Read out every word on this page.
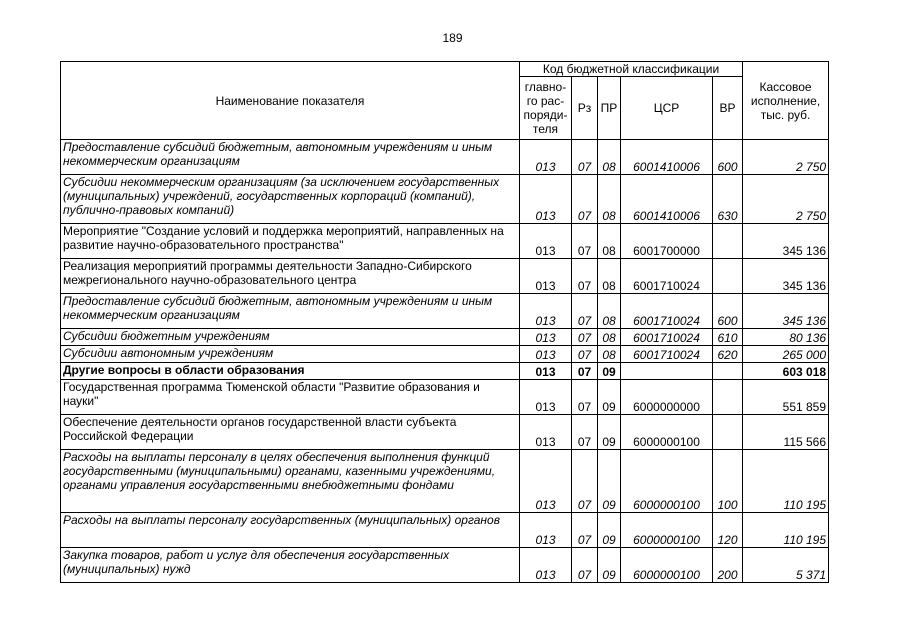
189
Наименование показателя	Код бюджетной классификации					Кассовое исполнение, тыс. руб.
	главно-го рас-поряди-теля	Рз	ПР	ЦСР	ВР	
Предоставление субсидий бюджетным, автономным учреждениям и иным некоммерческим организациям	013	07	08	6001410006	600	2 750
Субсидии некоммерческим организациям (за исключением государственных (муниципальных) учреждений, государственных корпораций (компаний), публично-правовых компаний)	013	07	08	6001410006	630	2 750
Мероприятие "Создание условий и поддержка мероприятий, направленных на развитие научно-образовательного пространства"	013	07	08	6001700000		345 136
Реализация мероприятий программы деятельности Западно-Сибирского межрегионального научно-образовательного центра	013	07	08	6001710024		345 136
Предоставление субсидий бюджетным, автономным учреждениям и иным некоммерческим организациям	013	07	08	6001710024	600	345 136
Субсидии бюджетным учреждениям	013	07	08	6001710024	610	80 136
Субсидии автономным учреждениям	013	07	08	6001710024	620	265 000
Другие вопросы в области образования	013	07	09			603 018
Государственная программа Тюменской области "Развитие образования и науки"	013	07	09	6000000000		551 859
Обеспечение деятельности органов государственной власти субъекта Российской Федерации	013	07	09	6000000100		115 566
Расходы на выплаты персоналу в целях обеспечения выполнения функций государственными (муниципальными) органами, казенными учреждениями, органами управления государственными внебюджетными фондами	013	07	09	6000000100	100	110 195
Расходы на выплаты персоналу государственных (муниципальных) органов	013	07	09	6000000100	120	110 195
Закупка товаров, работ и услуг для обеспечения государственных (муниципальных) нужд	013	07	09	6000000100	200	5 371
